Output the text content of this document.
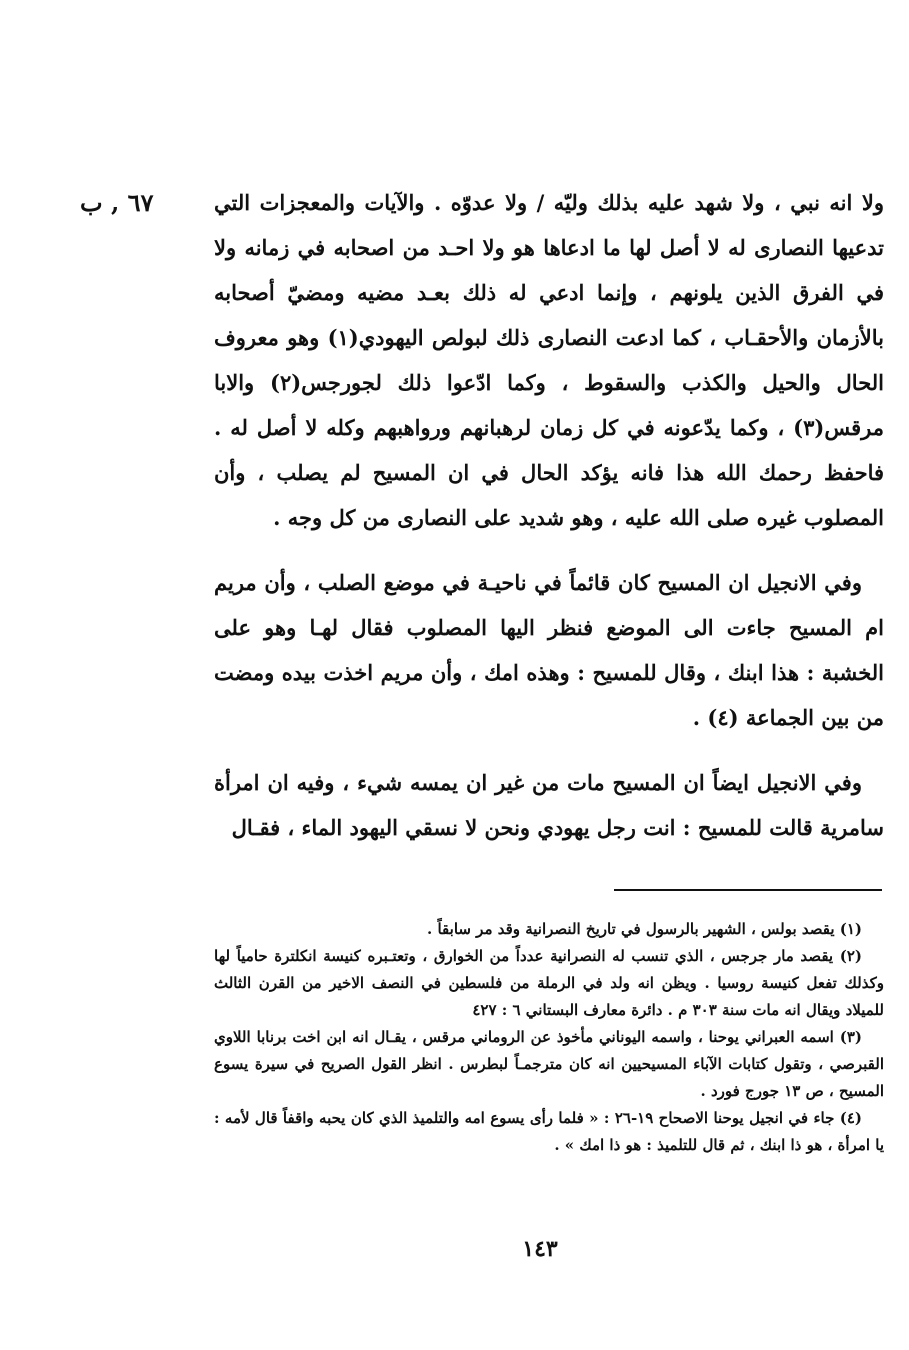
٦٧ , ب	ولا انه نبي ، ولا شهد عليه بذلك وليّه / ولا عدوّه . والآيات والمعجزات التي تدعيها النصارى له لا أصل لها ما ادعاها هو ولا احـد من اصحابه في زمانه ولا في الفرق الذين يلونهم ، وإنما ادعي له ذلك بعـد مضيه ومضيّ أصحابه بالأزمان والأحقـاب ، كما ادعت النصارى ذلك لبولص اليهودي(١) وهو معروف الحال والحيل والكذب والسقوط ، وكما ادّعوا ذلك لجورجس(٢) والابا مرقس(٣) ، وكما يدّعونه في كل زمان لرهبانهم ورواهبهم وكله لا أصل له . فاحفظ رحمك الله هذا فانه يؤكد الحال في ان المسيح لم يصلب ، وأن المصلوب غيره صلى الله عليه ، وهو شديد على النصارى من كل وجه .

وفي الانجيل ان المسيح كان قائماً في ناحيـة في موضع الصلب ، وأن مريم ام المسيح جاءت الى الموضع فنظر اليها المصلوب فقال لهـا وهو على الخشبة : هذا ابنك ، وقال للمسيح : وهذه امك ، وأن مريم اخذت بيده ومضت من بين الجماعة (٤) .

وفي الانجيل ايضاً ان المسيح مات من غير ان يمسه شيء ، وفيه ان امرأة سامرية قالت للمسيح : انت رجل يهودي ونحن لا نسقي اليهود الماء ، فقـال

(١) يقصد بولس ، الشهير بالرسول في تاريخ النصرانية وقد مر سابقاً .

(٢) يقصد مار جرجس ، الذي تنسب له النصرانية عدداً من الخوارق ، وتعتـبره كنيسة انكلترة حامياً لها وكذلك تفعل كنيسة روسيا . ويظن انه ولد في الرملة من فلسطين في النصف الاخير من القرن الثالث للميلاد ويقال انه مات سنة ٣٠٣ م . دائرة معارف البستاني ٦ : ٤٢٧

(٣) اسمه العبراني يوحنا ، واسمه اليوناني مأخوذ عن الروماني مرقس ، يقـال انه ابن اخت برنابا اللاوي القبرصي ، وتقول كتابات الآباء المسيحيين انه كان مترجمـاً لبطرس . انظر القول الصريح في سيرة يسوع المسيح ، ص ١٣ جورج فورد .

(٤) جاء في انجيل يوحنا الاصحاح ١٩-٢٦ : « فلما رأى يسوع امه والتلميذ الذي كان يحبه واقفاً قال لأمه : يا امرأة ، هو ذا ابنك ، ثم قال للتلميذ : هو ذا امك » .

١٤٣
